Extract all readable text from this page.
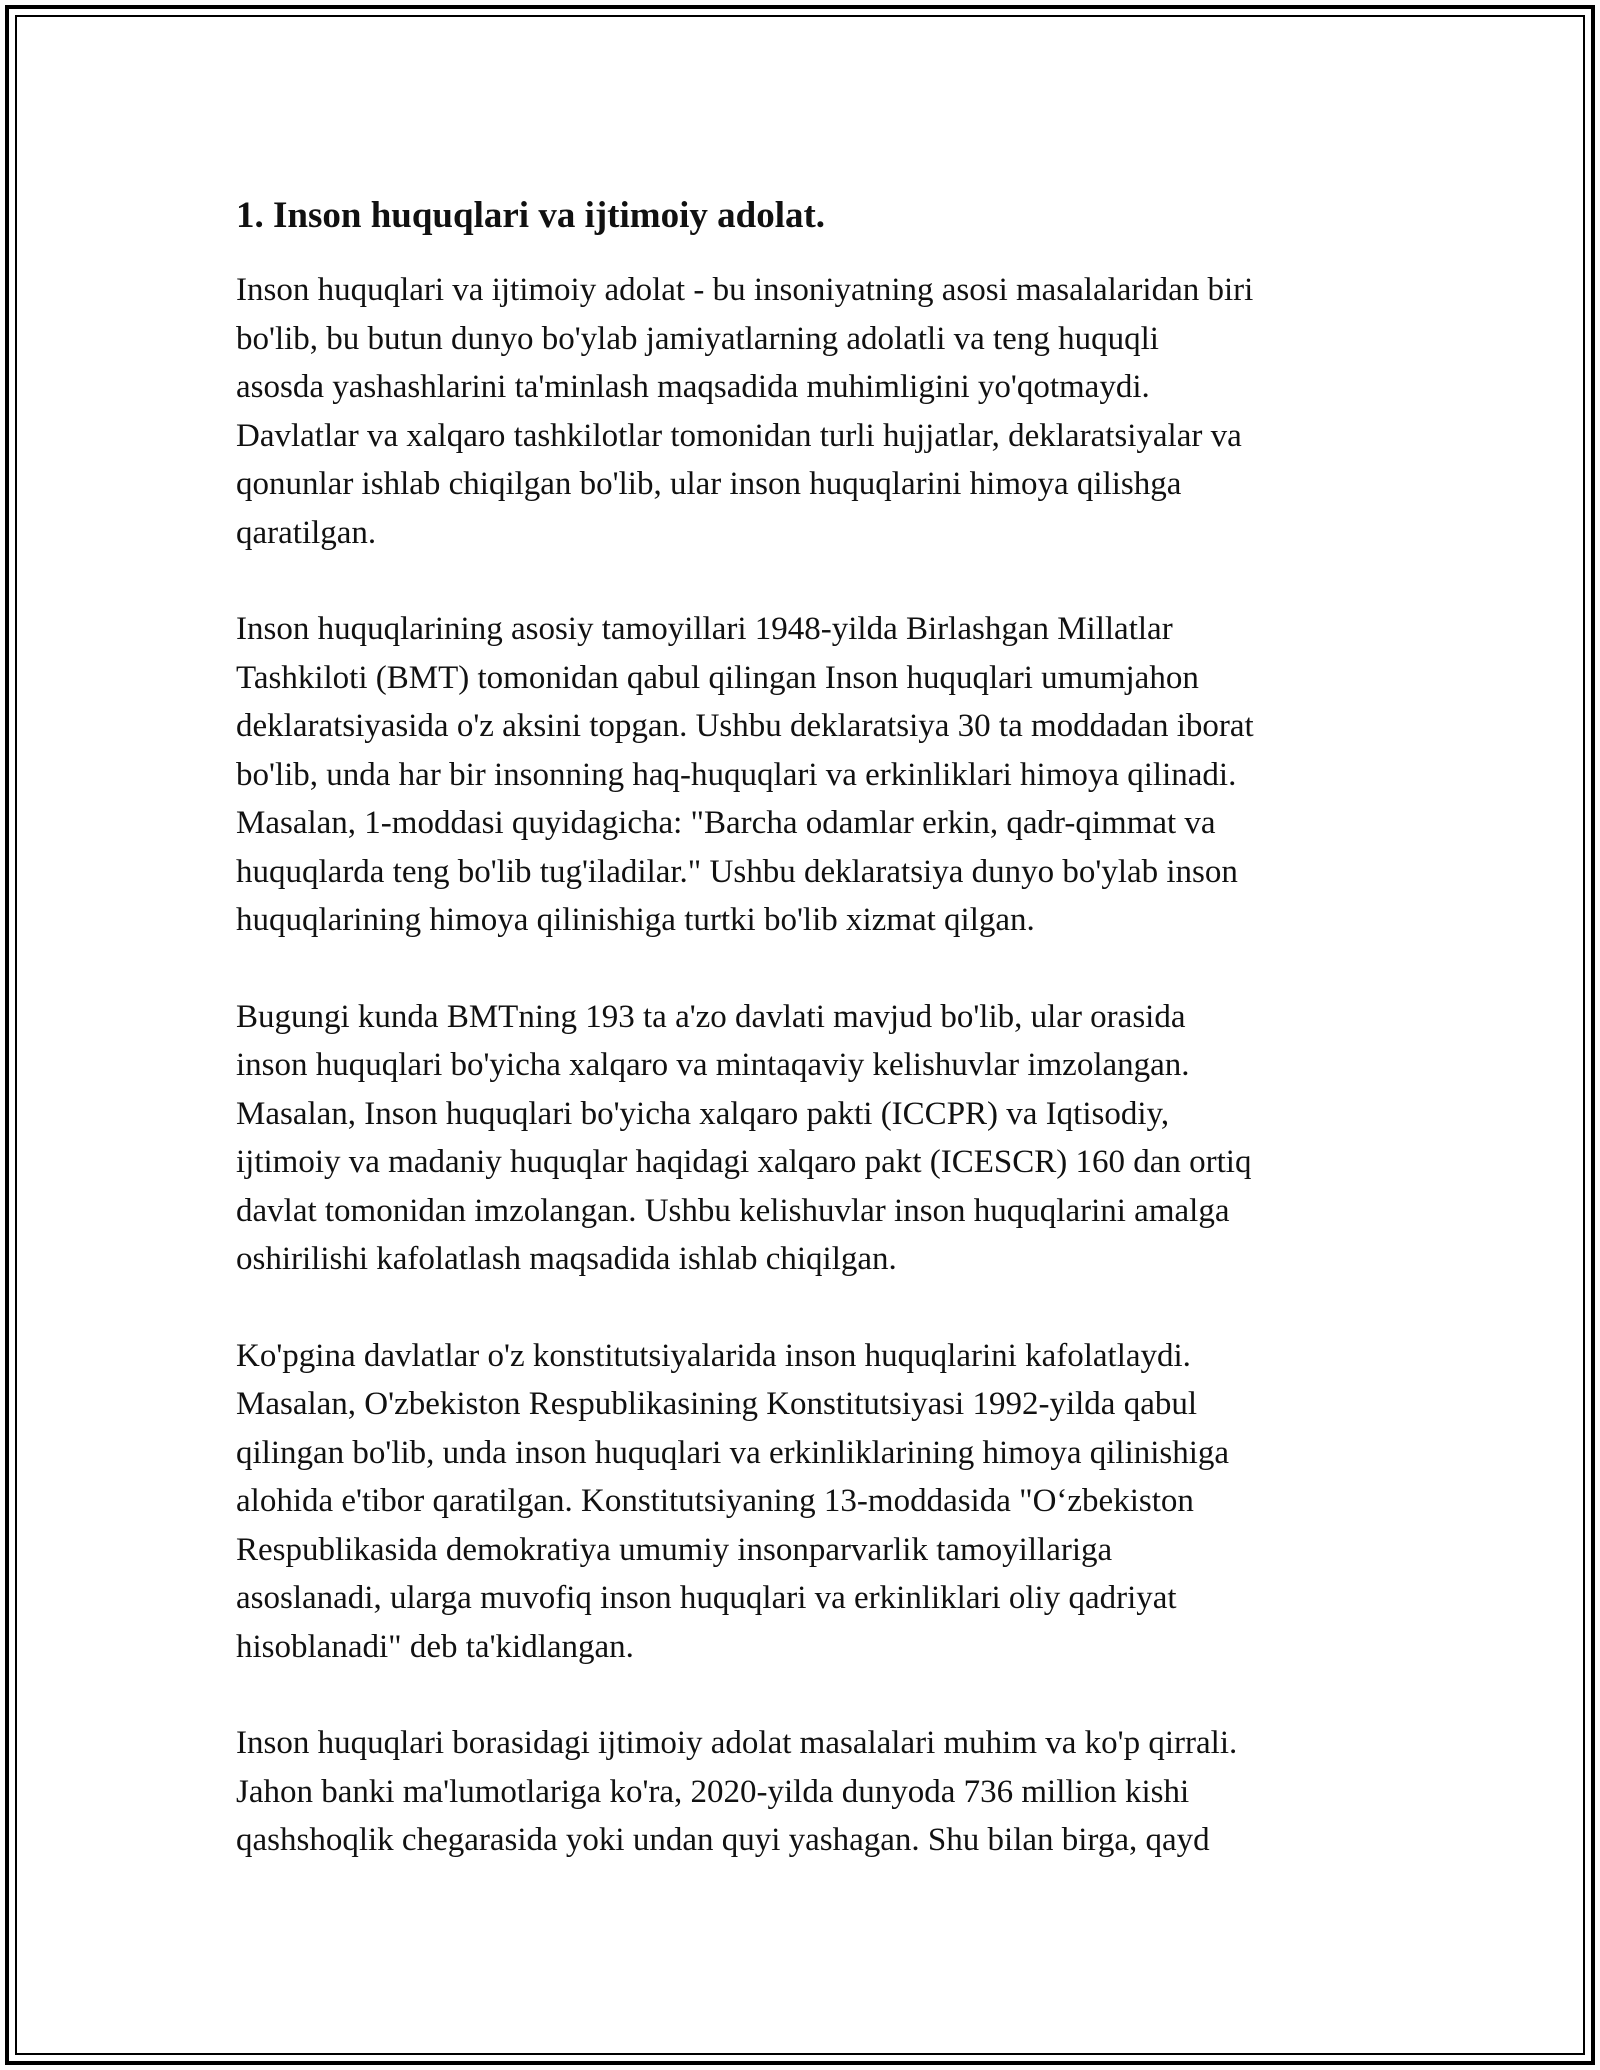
1. Inson huquqlari va ijtimoiy adolat.

Inson huquqlari va ijtimoiy adolat - bu insoniyatning asosi masalalaridan biri
bo'lib, bu butun dunyo bo'ylab jamiyatlarning adolatli va teng huquqli
asosda yashashlarini ta'minlash maqsadida muhimligini yo'qotmaydi.
Davlatlar va xalqaro tashkilotlar tomonidan turli hujjatlar, deklaratsiyalar va
qonunlar ishlab chiqilgan bo'lib, ular inson huquqlarini himoya qilishga
qaratilgan.

Inson huquqlarining asosiy tamoyillari 1948-yilda Birlashgan Millatlar
Tashkiloti (BMT) tomonidan qabul qilingan Inson huquqlari umumjahon
deklaratsiyasida o'z aksini topgan. Ushbu deklaratsiya 30 ta moddadan iborat
bo'lib, unda har bir insonning haq-huquqlari va erkinliklari himoya qilinadi.
Masalan, 1-moddasi quyidagicha: "Barcha odamlar erkin, qadr-qimmat va
huquqlarda teng bo'lib tug'iladilar." Ushbu deklaratsiya dunyo bo'ylab inson
huquqlarining himoya qilinishiga turtki bo'lib xizmat qilgan.

Bugungi kunda BMTning 193 ta a'zo davlati mavjud bo'lib, ular orasida
inson huquqlari bo'yicha xalqaro va mintaqaviy kelishuvlar imzolangan.
Masalan, Inson huquqlari bo'yicha xalqaro pakti (ICCPR) va Iqtisodiy,
ijtimoiy va madaniy huquqlar haqidagi xalqaro pakt (ICESCR) 160 dan ortiq
davlat tomonidan imzolangan. Ushbu kelishuvlar inson huquqlarini amalga
oshirilishi kafolatlash maqsadida ishlab chiqilgan.

Ko'pgina davlatlar o'z konstitutsiyalarida inson huquqlarini kafolatlaydi.
Masalan, O'zbekiston Respublikasining Konstitutsiyasi 1992-yilda qabul
qilingan bo'lib, unda inson huquqlari va erkinliklarining himoya qilinishiga
alohida e'tibor qaratilgan. Konstitutsiyaning 13-moddasida "O‘zbekiston
Respublikasida demokratiya umumiy insonparvarlik tamoyillariga
asoslanadi, ularga muvofiq inson huquqlari va erkinliklari oliy qadriyat
hisoblanadi" deb ta'kidlangan.

Inson huquqlari borasidagi ijtimoiy adolat masalalari muhim va ko'p qirrali.
Jahon banki ma'lumotlariga ko'ra, 2020-yilda dunyoda 736 million kishi
qashshoqlik chegarasida yoki undan quyi yashagan. Shu bilan birga, qayd
